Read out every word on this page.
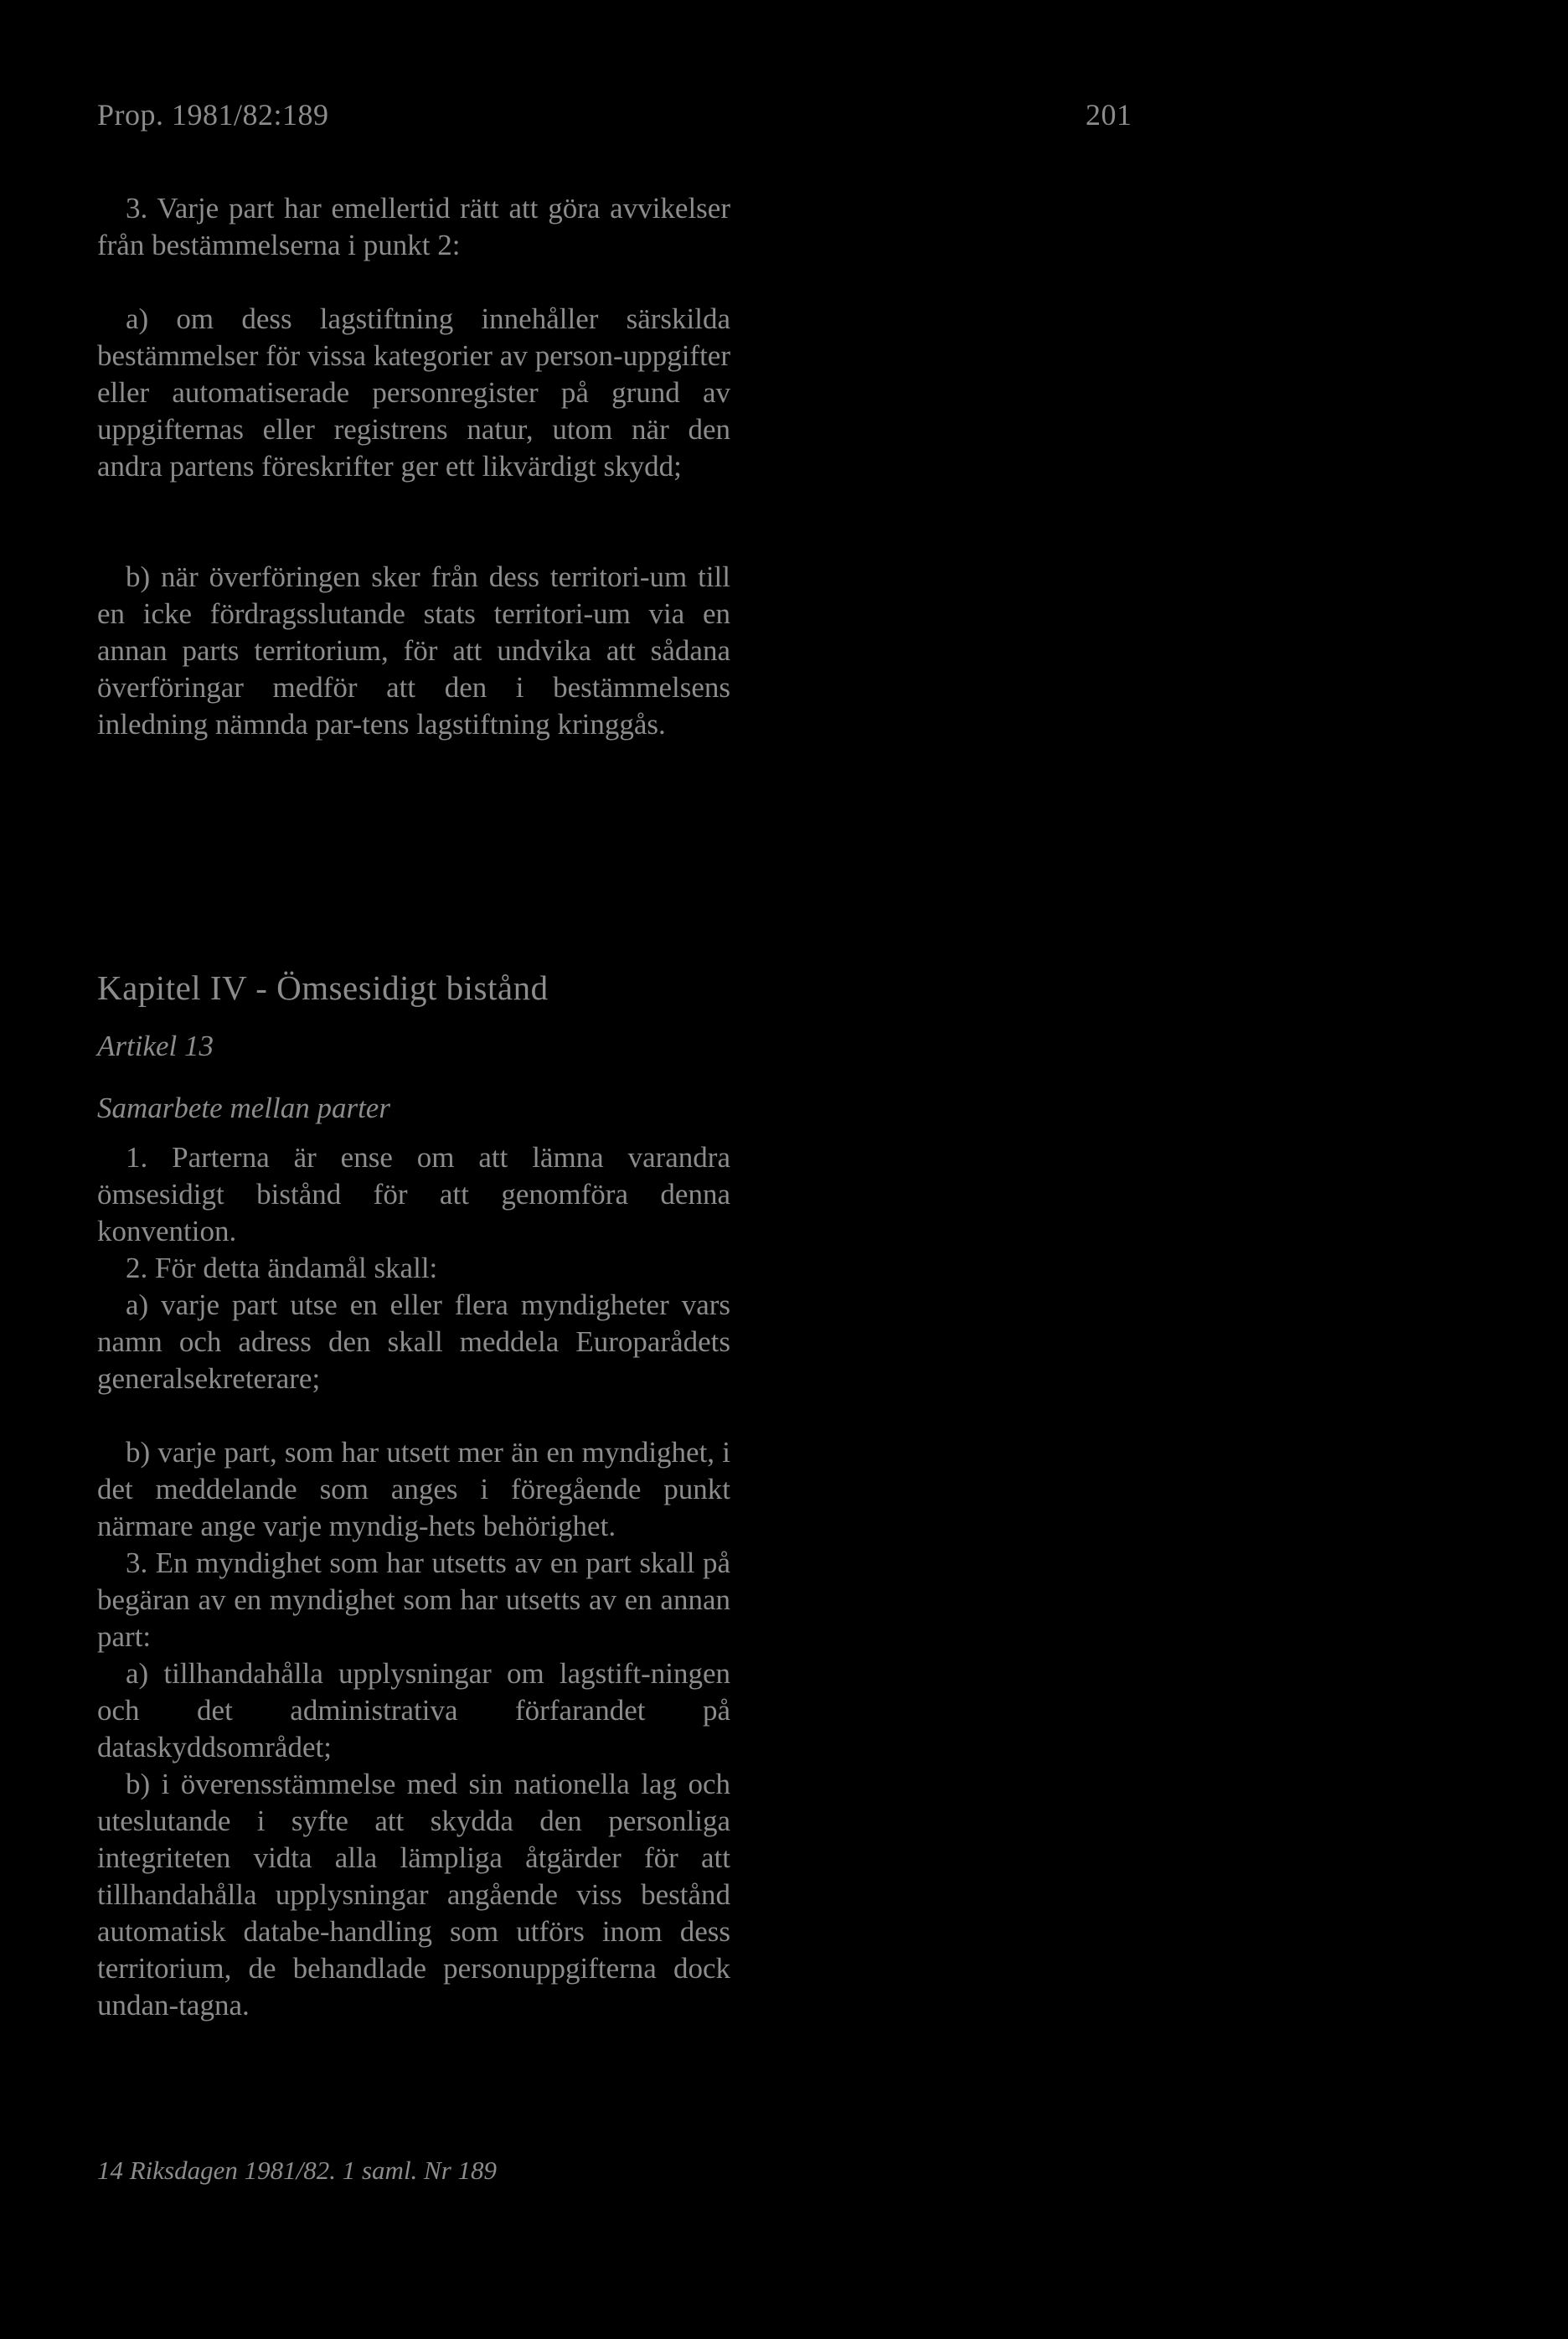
Prop. 1981/82:189	201

3. Varje part har emellertid rätt att göra avvikelser från bestämmelserna i punkt 2:

a) om dess lagstiftning innehåller särskilda bestämmelser för vissa kategorier av person-uppgifter eller automatiserade personregister på grund av uppgifternas eller registrens natur, utom när den andra partens föreskrifter ger ett likvärdigt skydd;

b) när överföringen sker från dess territori-um till en icke fördragsslutande stats territori-um via en annan parts territorium, för att undvika att sådana överföringar medför att den i bestämmelsens inledning nämnda par-tens lagstiftning kringgås.

Kapitel IV - Ömsesidigt bistånd
Artikel 13
Samarbete mellan parter

1. Parterna är ense om att lämna varandra ömsesidigt bistånd för att genomföra denna konvention.

2. För detta ändamål skall:

a) varje part utse en eller flera myndigheter vars namn och adress den skall meddela Europarådets generalsekreterare;

b) varje part, som har utsett mer än en myndighet, i det meddelande som anges i föregående punkt närmare ange varje myndig-hets behörighet.

3. En myndighet som har utsetts av en part skall på begäran av en myndighet som har utsetts av en annan part:

a) tillhandahålla upplysningar om lagstift-ningen och det administrativa förfarandet på dataskyddsområdet;

b) i överensstämmelse med sin nationella lag och uteslutande i syfte att skydda den personliga integriteten vidta alla lämpliga åtgärder för att tillhandahålla upplysningar angående viss bestånd automatisk databe-handling som utförs inom dess territorium, de behandlade personuppgifterna dock undan-tagna.

14 Riksdagen 1981/82. 1 saml. Nr 189
